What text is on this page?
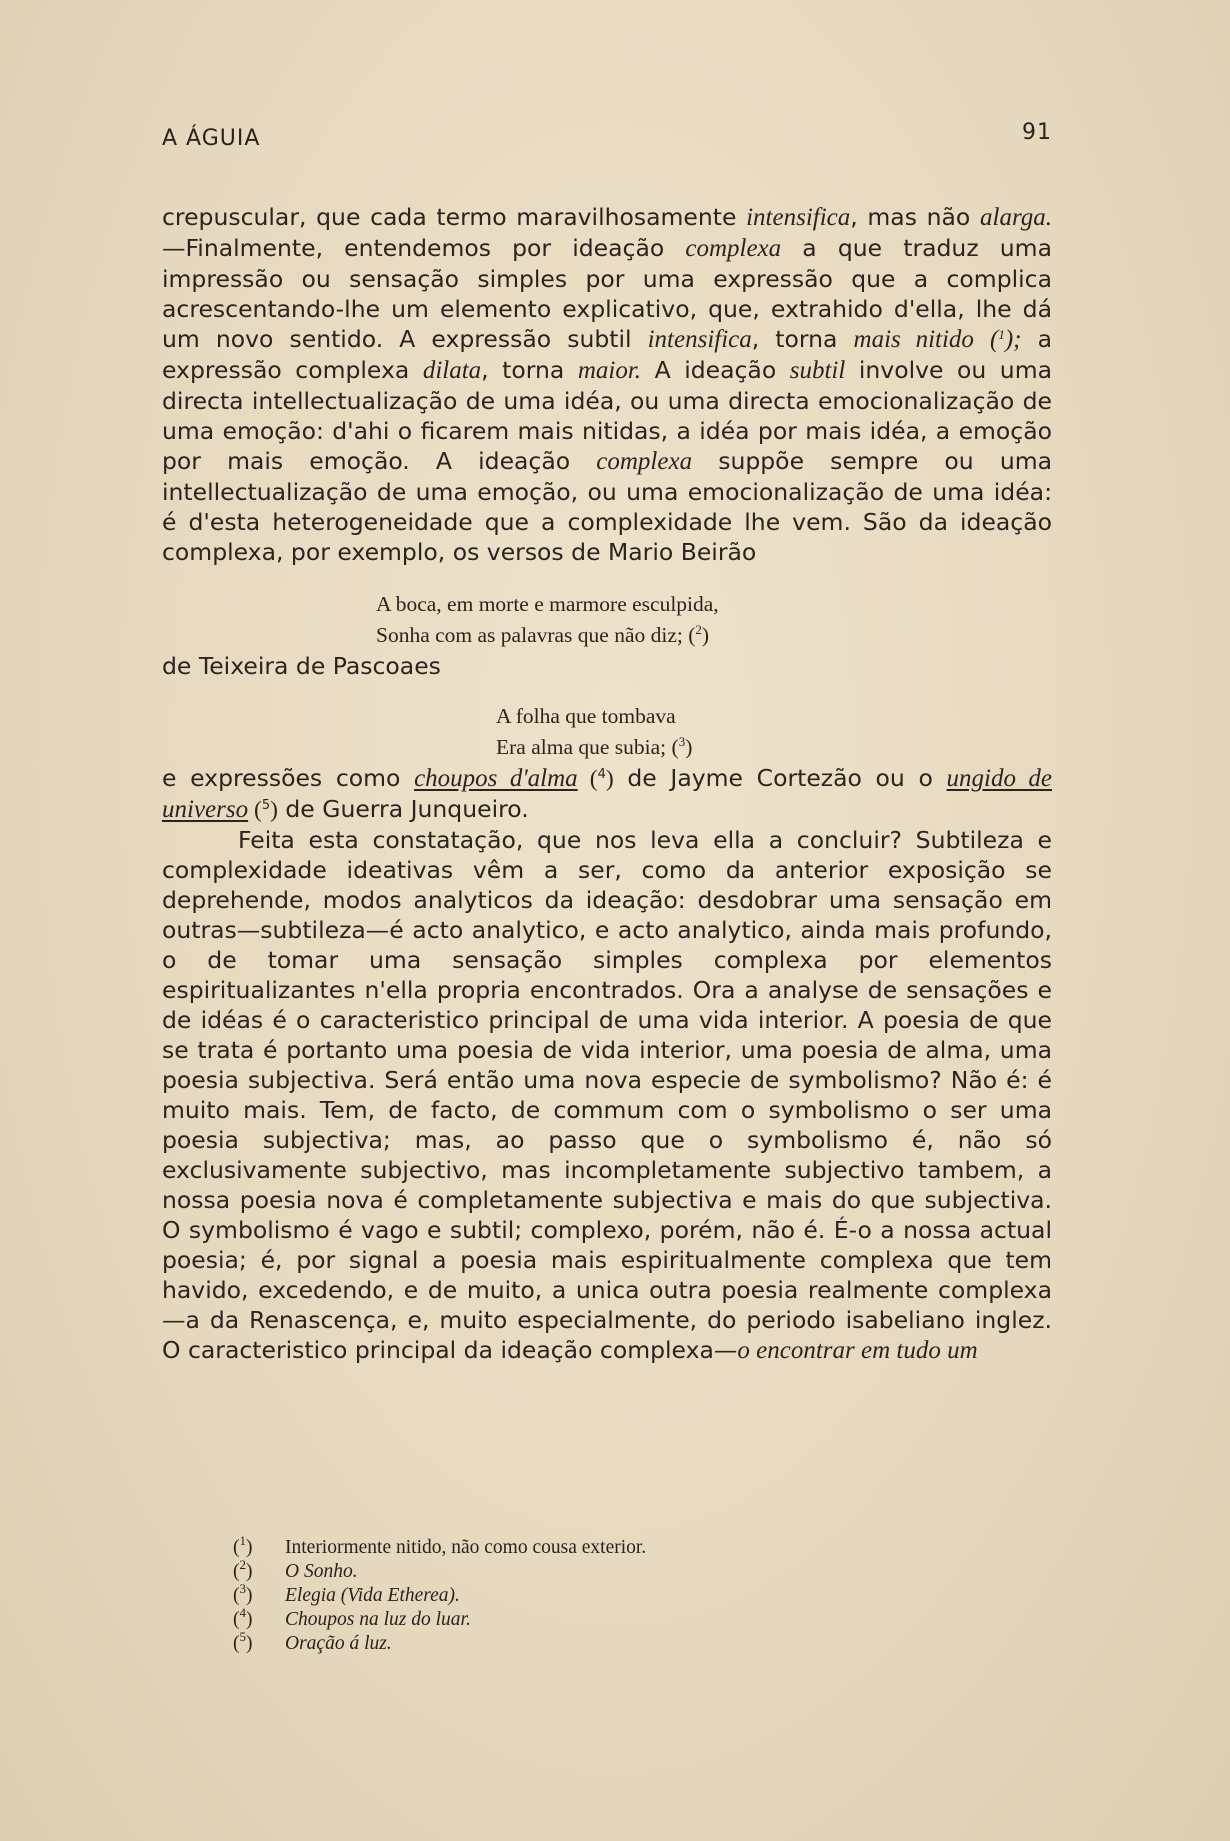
A ÁGUIA	91

crepuscular, que cada termo maravilhosamente intensifica, mas não alarga.—Finalmente, entendemos por ideação complexa a que traduz uma impressão ou sensação simples por uma expressão que a complica acrescentando-lhe um elemento explicativo, que, extrahido d'ella, lhe dá um novo sentido. A expressão subtil intensifica, torna mais nitido ($^1$); a expressão complexa dilata, torna maior. A ideação subtil involve ou uma directa intellectualização de uma idéa, ou uma directa emocionalização de uma emoção: d'ahi o ficarem mais nitidas, a idéa por mais idéa, a emoção por mais emoção. A ideação complexa suppõe sempre ou uma intellectualização de uma emoção, ou uma emocionalização de uma idéa: é d'esta heterogeneidade que a complexidade lhe vem. São da ideação complexa, por exemplo, os versos de Mario Beirão

A boca, em morte e marmore esculpida,
Sonha com as palavras que não diz; ($^2$)

de Teixeira de Pascoaes

A folha que tombava
Era alma que subia; ($^3$)

e expressões como choupos d'alma ($^4$) de Jayme Cortezão ou o ungido de universo ($^5$) de Guerra Junqueiro.

Feita esta constatação, que nos leva ella a concluir? Subtileza e complexidade ideativas vêm a ser, como da anterior exposição se deprehende, modos analyticos da ideação: desdobrar uma sensação em outras—subtileza—é acto analytico, e acto analytico, ainda mais profundo, o de tomar uma sensação simples complexa por elementos espiritualizantes n'ella propria encontrados. Ora a analyse de sensações e de idéas é o caracteristico principal de uma vida interior. A poesia de que se trata é portanto uma poesia de vida interior, uma poesia de alma, uma poesia subjectiva. Será então uma nova especie de symbolismo? Não é: é muito mais. Tem, de facto, de commum com o symbolismo o ser uma poesia subjectiva; mas, ao passo que o symbolismo é, não só exclusivamente subjectivo, mas incompletamente subjectivo tambem, a nossa poesia nova é completamente subjectiva e mais do que subjectiva. O symbolismo é vago e subtil; complexo, porém, não é. É-o a nossa actual poesia; é, por signal a poesia mais espiritualmente complexa que tem havido, excedendo, e de muito, a unica outra poesia realmente complexa—a da Renascença, e, muito especialmente, do periodo isabeliano inglez. O caracteristico principal da ideação complexa—o encontrar em tudo um

($^1$)	Interiormente nitido, não como cousa exterior.
($^2$)	O Sonho.
($^3$)	Elegia (Vida Etherea).
($^4$)	Choupos na luz do luar.
($^5$)	Oração á luz.
